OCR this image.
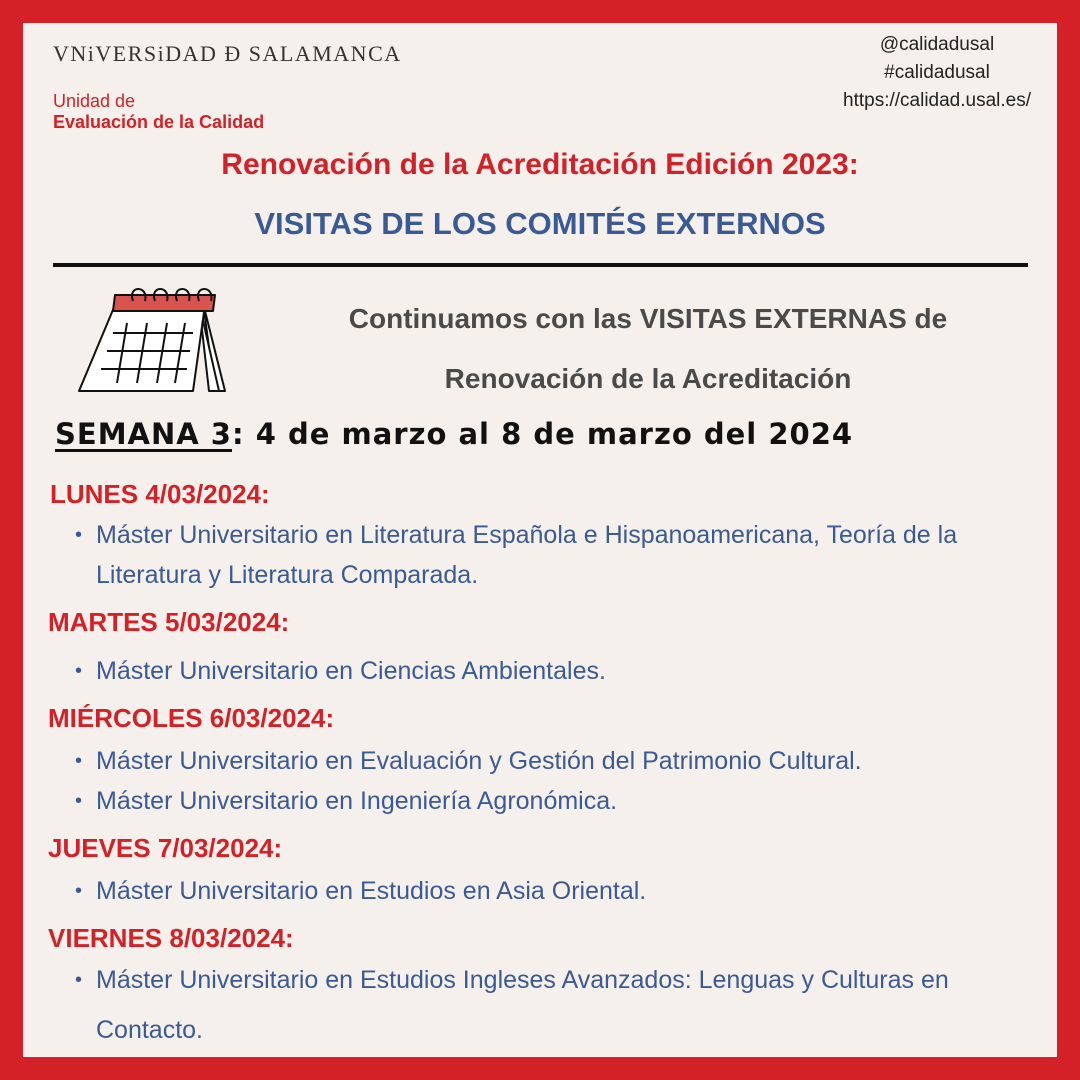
VNiVERSiDAD Ð SALAMANCA
Unidad de
Evaluación de la Calidad
@calidadusal
#calidadusal
https://calidad.usal.es/
Renovación de la Acreditación Edición 2023:
VISITAS DE LOS COMITÉS EXTERNOS
Continuamos con las VISITAS EXTERNAS de
Renovación de la Acreditación
SEMANA 3: 4 de marzo al 8 de marzo del 2024
LUNES 4/03/2024:
• Máster Universitario en Literatura Española e Hispanoamericana, Teoría de la Literatura y Literatura Comparada.
MARTES 5/03/2024:
• Máster Universitario en Ciencias Ambientales.
MIÉRCOLES 6/03/2024:
• Máster Universitario en Evaluación y Gestión del Patrimonio Cultural.
• Máster Universitario en Ingeniería Agronómica.
JUEVES 7/03/2024:
• Máster Universitario en Estudios en Asia Oriental.
VIERNES 8/03/2024:
• Máster Universitario en Estudios Ingleses Avanzados: Lenguas y Culturas en Contacto.
